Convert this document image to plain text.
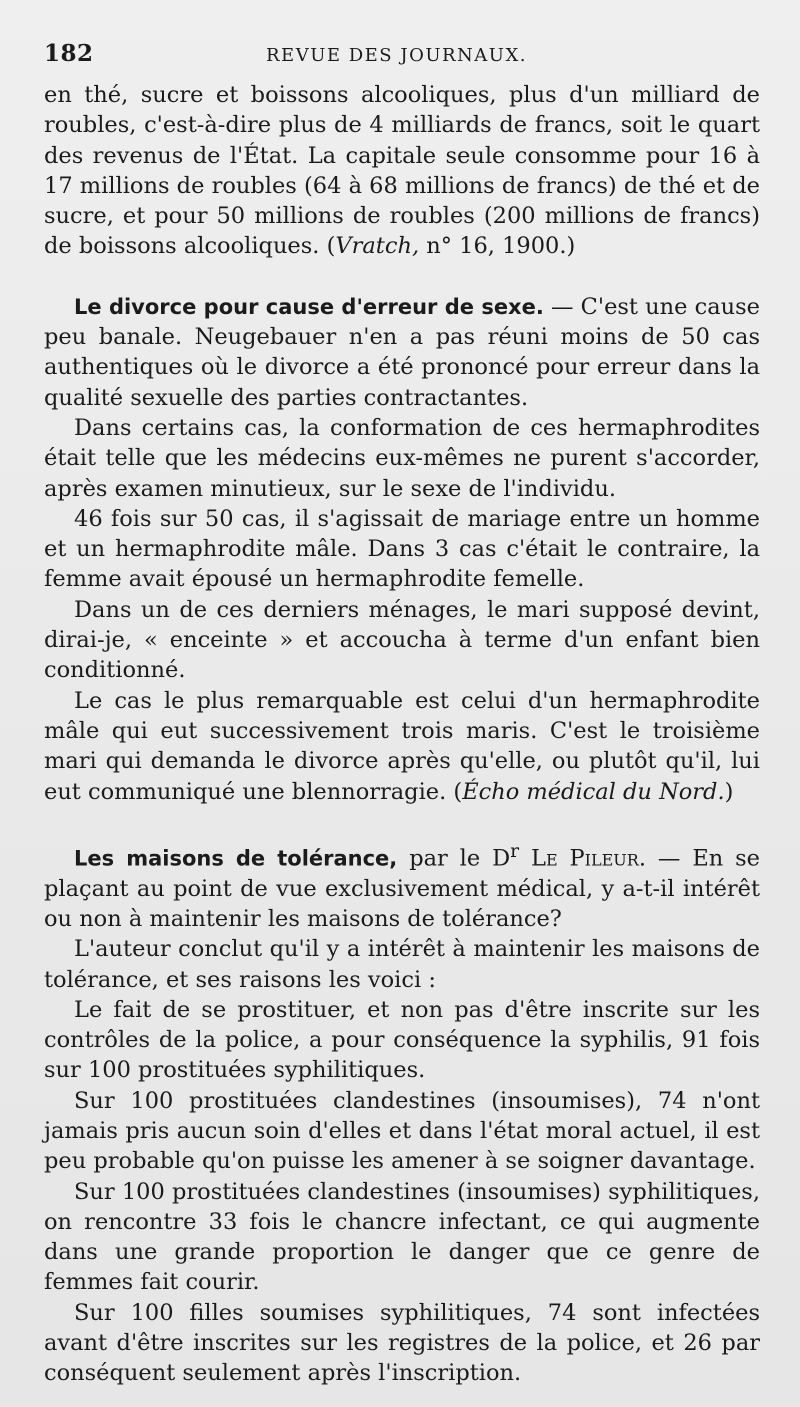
182	REVUE DES JOURNAUX.

en thé, sucre et boissons alcooliques, plus d'un milliard de roubles, c'est-à-dire plus de 4 milliards de francs, soit le quart des revenus de l'État. La capitale seule consomme pour 16 à 17 millions de roubles (64 à 68 millions de francs) de thé et de sucre, et pour 50 millions de roubles (200 millions de francs) de boissons alcooliques. (Vratch, n° 16, 1900.)

Le divorce pour cause d'erreur de sexe. — C'est une cause peu banale. Neugebauer n'en a pas réuni moins de 50 cas authentiques où le divorce a été prononcé pour erreur dans la qualité sexuelle des parties contractantes.

Dans certains cas, la conformation de ces hermaphrodites était telle que les médecins eux-mêmes ne purent s'accorder, après examen minutieux, sur le sexe de l'individu.

46 fois sur 50 cas, il s'agissait de mariage entre un homme et un hermaphrodite mâle. Dans 3 cas c'était le contraire, la femme avait épousé un hermaphrodite femelle.

Dans un de ces derniers ménages, le mari supposé devint, dirai-je, « enceinte » et accoucha à terme d'un enfant bien conditionné.

Le cas le plus remarquable est celui d'un hermaphrodite mâle qui eut successivement trois maris. C'est le troisième mari qui demanda le divorce après qu'elle, ou plutôt qu'il, lui eut communiqué une blennorragie. (Écho médical du Nord.)

Les maisons de tolérance, par le $D^r$ Le Pileur. — En se plaçant au point de vue exclusivement médical, y a-t-il intérêt ou non à maintenir les maisons de tolérance?

L'auteur conclut qu'il y a intérêt à maintenir les maisons de tolérance, et ses raisons les voici :

Le fait de se prostituer, et non pas d'être inscrite sur les contrôles de la police, a pour conséquence la syphilis, 91 fois sur 100 prostituées syphilitiques.

Sur 100 prostituées clandestines (insoumises), 74 n'ont jamais pris aucun soin d'elles et dans l'état moral actuel, il est peu probable qu'on puisse les amener à se soigner davantage.

Sur 100 prostituées clandestines (insoumises) syphilitiques, on rencontre 33 fois le chancre infectant, ce qui augmente dans une grande proportion le danger que ce genre de femmes fait courir.

Sur 100 filles soumises syphilitiques, 74 sont infectées avant d'être inscrites sur les registres de la police, et 26 par conséquent seulement après l'inscription.
